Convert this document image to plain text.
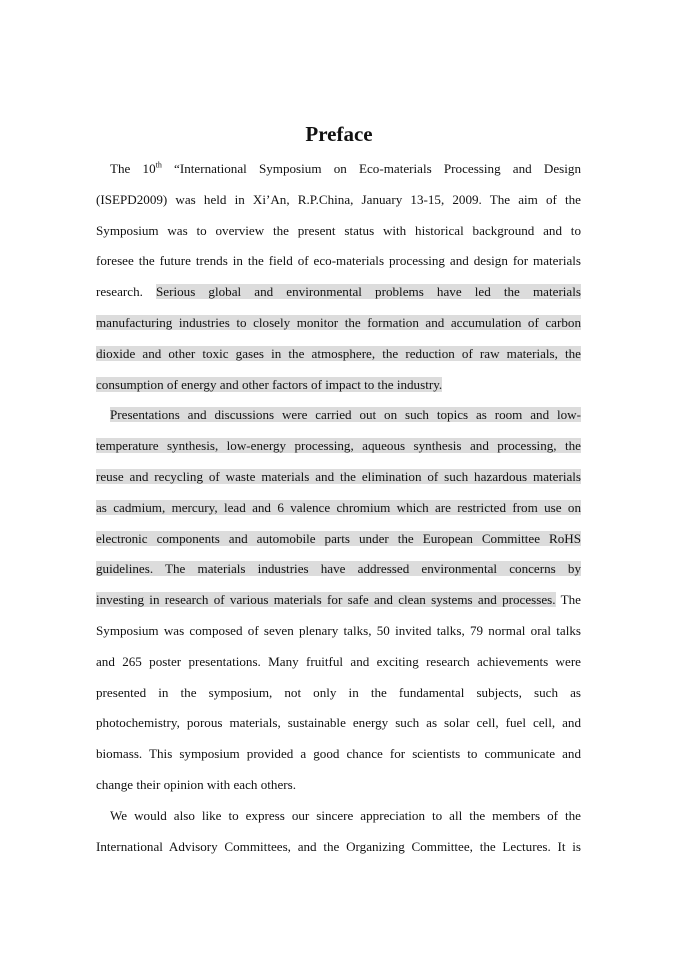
Preface
The 10th “International Symposium on Eco-materials Processing and Design
(ISEPD2009) was held in Xi’An, R.P.China, January 13-15, 2009. The aim of the
Symposium was to overview the present status with historical background and to
foresee the future trends in the field of eco-materials processing and design for materials
research. Serious global and environmental problems have led the materials
manufacturing industries to closely monitor the formation and accumulation of carbon
dioxide and other toxic gases in the atmosphere, the reduction of raw materials, the
consumption of energy and other factors of impact to the industry.
Presentations and discussions were carried out on such topics as room and low-
temperature synthesis, low-energy processing, aqueous synthesis and processing, the
reuse and recycling of waste materials and the elimination of such hazardous materials
as cadmium, mercury, lead and 6 valence chromium which are restricted from use on
electronic components and automobile parts under the European Committee RoHS
guidelines. The materials industries have addressed environmental concerns by
investing in research of various materials for safe and clean systems and processes. The
Symposium was composed of seven plenary talks, 50 invited talks, 79 normal oral talks
and 265 poster presentations. Many fruitful and exciting research achievements were
presented in the symposium, not only in the fundamental subjects, such as
photochemistry, porous materials, sustainable energy such as solar cell, fuel cell, and
biomass. This symposium provided a good chance for scientists to communicate and
change their opinion with each others.
We would also like to express our sincere appreciation to all the members of the
International Advisory Committees, and the Organizing Committee, the Lectures. It is
